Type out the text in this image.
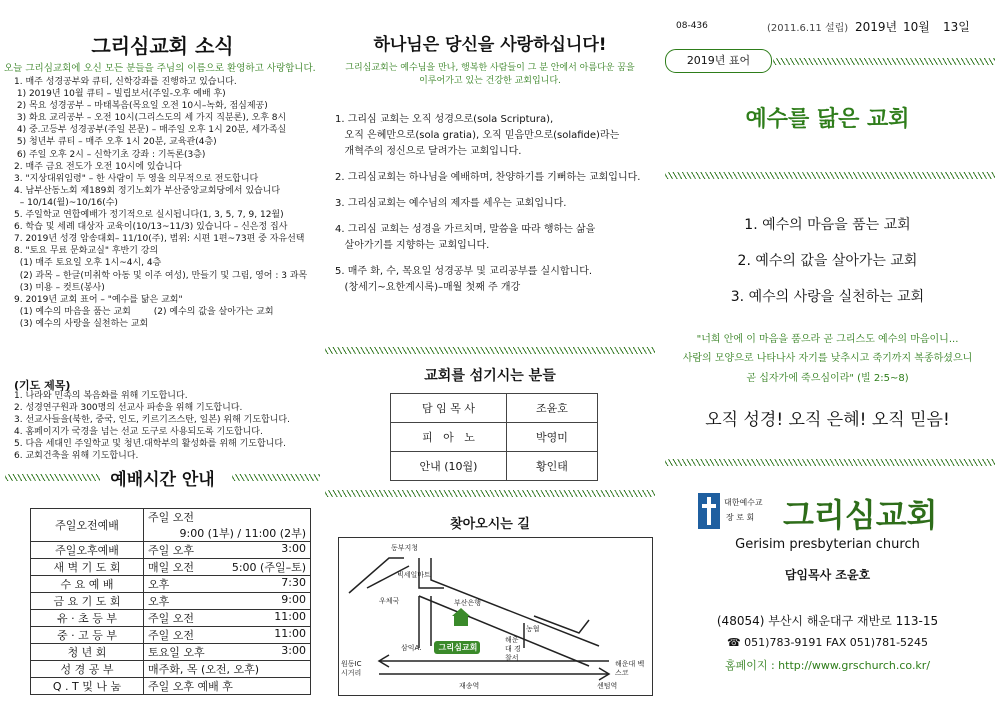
그리심교회 소식
오늘 그리심교회에 오신 모든 분들을 주님의 이름으로 환영하고 사랑합니다.
1. 매주 성경공부와 큐티, 신학강좌를 진행하고 있습니다.
1) 2019년 10월 큐티 – 빌립보서(주일-오후 예배 후)
2) 목요 성경공부 – 마태복음(목요일 오전 10시–녹화, 점심제공)
3) 화요 교리공부 – 오전 10시(그리스도의 세 가지 직분론), 오후 8시
4) 중.고등부 성경공부(주일 본문) – 매주일 오후 1시 20분, 세가족실
5) 청년부 큐티 – 매주 오후 1시 20분, 교육관(4층)
6) 주일 오후 2시 – 신학기초 강좌 : 기독론(3층)
2. 매주 금요 전도가 오전 10시에 있습니다
3. "지상대위임령" – 한 사람이 두 영을 의무적으로 전도합니다
4. 남부산동노회 제189회 정기노회가 부산중앙교회당에서 있습니다
– 10/14(월)~10/16(수)
5. 주일학교 연합예배가 정기적으로 실시됩니다(1, 3, 5, 7, 9, 12월)
6. 학습 및 세례 대상자 교육이(10/13~11/3) 있습니다 – 신은정 집사
7. 2019년 성경 암송대회– 11/10(주), 범위: 시편 1편~73편 중 자유선택
8. "토요 무료 문화교실" 후반기 강의
(1) 매주 토요일 오후 1시~4시, 4층
(2) 과목 – 한글(미취학 아동 및 이주 여성), 만들기 및 그림, 영어 : 3 과목
(3) 미용 – 컷트(봉사)
9. 2019년 교회 표어 – "예수를 닮은 교회"
(1) 예수의 마음을 품는 교회        (2) 예수의 값을 살아가는 교회
(3) 예수의 사랑을 실천하는 교회
(기도 제목)
1. 나라와 민족의 복음화를 위해 기도합니다.
2. 성경연구원과 300명의 선교사 파송을 위해 기도합니다.
3. 선교사들을(북한, 중국, 인도, 키르기즈스탄, 일본) 위해 기도합니다.
4. 홈페이지가 국경을 넘는 선교 도구로 사용되도록 기도합니다.
5. 다음 세대인 주일학교 및 청년.대학부의 활성화를 위해 기도합니다.
6. 교회건축을 위해 기도합니다.
예배시간 안내
주일오전예배	주일 오전
9:00 (1부) / 11:00 (2부)

주일오후예배	주일 오후 3:00

새 벽 기 도 회	매일 오전 5:00 (주일–토)

수 요 예 배	오후 7:30

금 요 기 도 회	오후 9:00

유 · 초 등 부	주일 오전 11:00

중 · 고 등 부	주일 오전 11:00

청 년 회	토요일 오후 3:00

성 경 공 부	매주화, 목 (오전, 오후)

Q . T 및 나 눔	주일 오후 예배 후
하나님은 당신을 사랑하십니다!
그리심교회는 예수님을 만나, 행복한 사람들이 그 분 안에서 아름다운 꿈을
이루어가고 있는 건강한 교회입니다.
1. 그리심 교회는 오직 성경으로(sola Scriptura),
오직 은혜만으로(sola gratia), 오직 믿음만으로(solafide)라는
개혁주의 정신으로 달려가는 교회입니다.
2. 그리심교회는 하나님을 예배하며, 찬양하기를 기뻐하는 교회입니다.
3. 그리심교회는 예수님의 제자를 세우는 교회입니다.
4. 그리심 교회는 성경을 가르치며, 말씀을 따라 행하는 삶을
살아가기를 지향하는 교회입니다.
5. 매주 화, 수, 목요일 성경공부 및 교리공부를 실시합니다.
(창세기~요한계시록)–매월 첫째 주 개강
교회를 섬기시는 분들
담 임 목 사	조윤호
피   아   노	박영미
안내 (10월)	황인태
찾아오시는 길
동부지청
빅세일마트
우체국	부산은행
농협
해운대 경찰서
삼익A.	그리심교회
원동IC 시거리
해운대 벡스코
재송역	센텀역
08-436	(2011.6.11 설립) 2019년 10월 13일
2019년 표어
예수를 닮은 교회
1. 예수의 마음을 품는 교회
2. 예수의 값을 살아가는 교회
3. 예수의 사랑을 실천하는 교회
"너희 안에 이 마음을 품으라 곧 그리스도 예수의 마음이니...
사람의 모양으로 나타나사 자기를 낮추시고 죽기까지 복종하셨으니
곧 십자가에 죽으심이라" (빌 2:5~8)
오직 성경! 오직 은혜! 오직 믿음!
대한예수교
장 로 회 그리심교회
Gerisim presbyterian church
담임목사 조윤호
(48054) 부산시 해운대구 재반로 113-15
☎ 051)783-9191 FAX 051)781-5245
홈페이지 : http://www.grschurch.co.kr/
